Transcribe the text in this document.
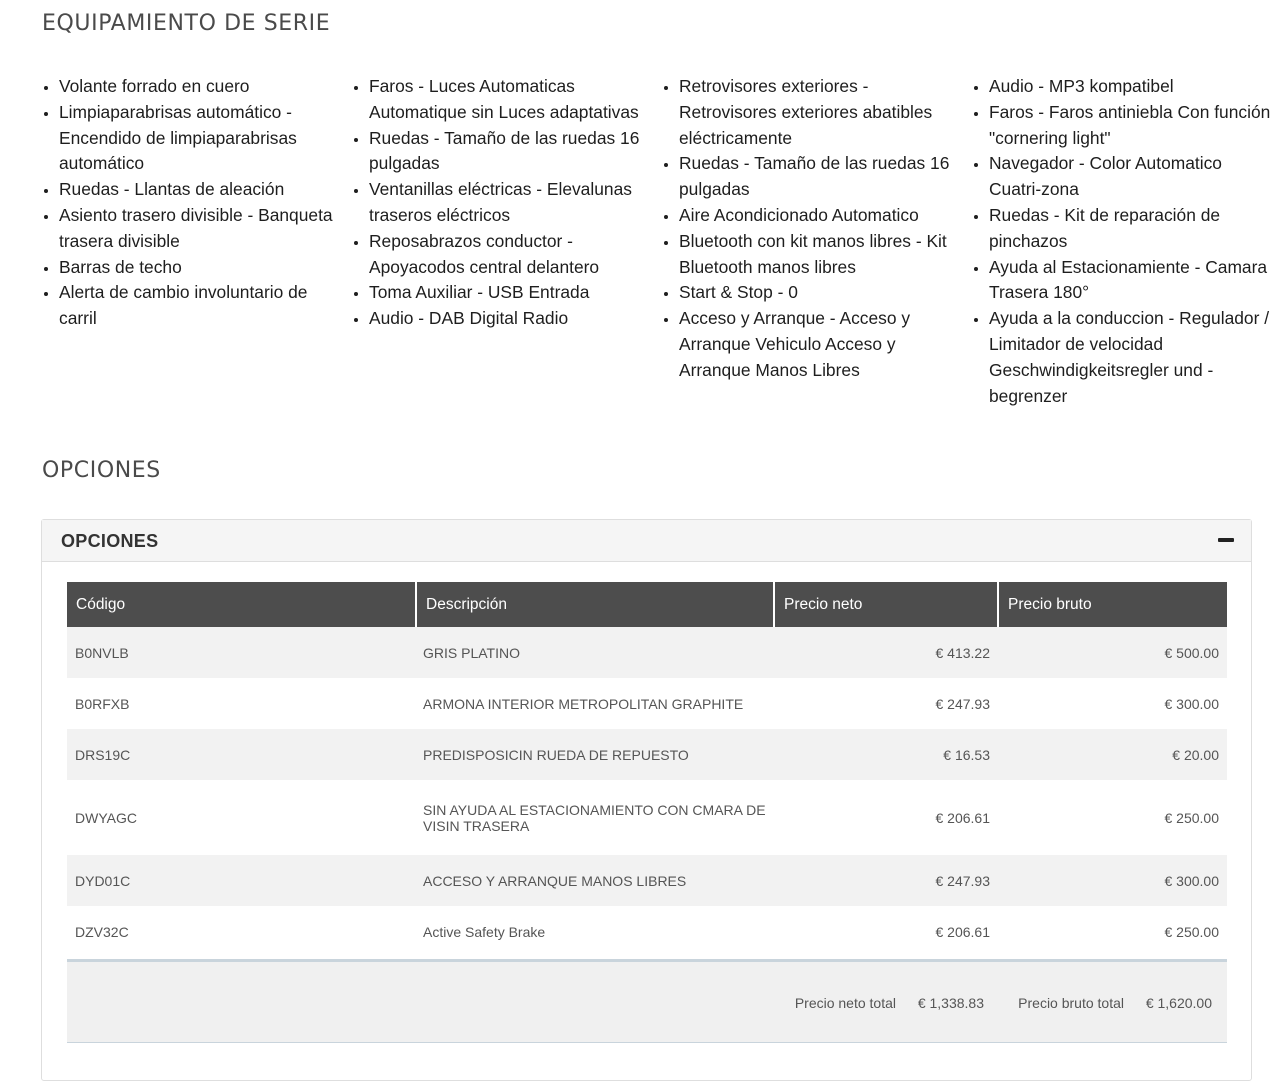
EQUIPAMIENTO DE SERIE
• Volante forrado en cuero
• Limpiaparabrisas automático - Encendido de limpiaparabrisas automático
• Ruedas - Llantas de aleación
• Asiento trasero divisible - Banqueta trasera divisible
• Barras de techo
• Alerta de cambio involuntario de carril
• Faros - Luces Automaticas Automatique sin Luces adaptativas
• Ruedas - Tamaño de las ruedas 16 pulgadas
• Ventanillas eléctricas - Elevalunas traseros eléctricos
• Reposabrazos conductor - Apoyacodos central delantero
• Toma Auxiliar - USB Entrada
• Audio - DAB Digital Radio
• Retrovisores exteriores - Retrovisores exteriores abatibles eléctricamente
• Ruedas - Tamaño de las ruedas 16 pulgadas
• Aire Acondicionado Automatico
• Bluetooth con kit manos libres - Kit Bluetooth manos libres
• Start & Stop - 0
• Acceso y Arranque - Acceso y Arranque Vehiculo Acceso y Arranque Manos Libres
• Audio - MP3 kompatibel
• Faros - Faros antiniebla Con función "cornering light"
• Navegador - Color Automatico Cuatri-zona
• Ruedas - Kit de reparación de pinchazos
• Ayuda al Estacionamiente - Camara Trasera 180°
• Ayuda a la conduccion - Regulador / Limitador de velocidad Geschwindigkeitsregler und -begrenzer
OPCIONES
OPCIONES
Código	Descripción	Precio neto	Precio bruto
B0NVLB	GRIS PLATINO	€ 413.22	€ 500.00
B0RFXB	ARMONA INTERIOR METROPOLITAN GRAPHITE	€ 247.93	€ 300.00
DRS19C	PREDISPOSICIN RUEDA DE REPUESTO	€ 16.53	€ 20.00
DWYAGC	SIN AYUDA AL ESTACIONAMIENTO CON CMARA DE VISIN TRASERA	€ 206.61	€ 250.00
DYD01C	ACCESO Y ARRANQUE MANOS LIBRES	€ 247.93	€ 300.00
DZV32C	Active Safety Brake	€ 206.61	€ 250.00
Precio neto total € 1,338.83 Precio bruto total € 1,620.00
